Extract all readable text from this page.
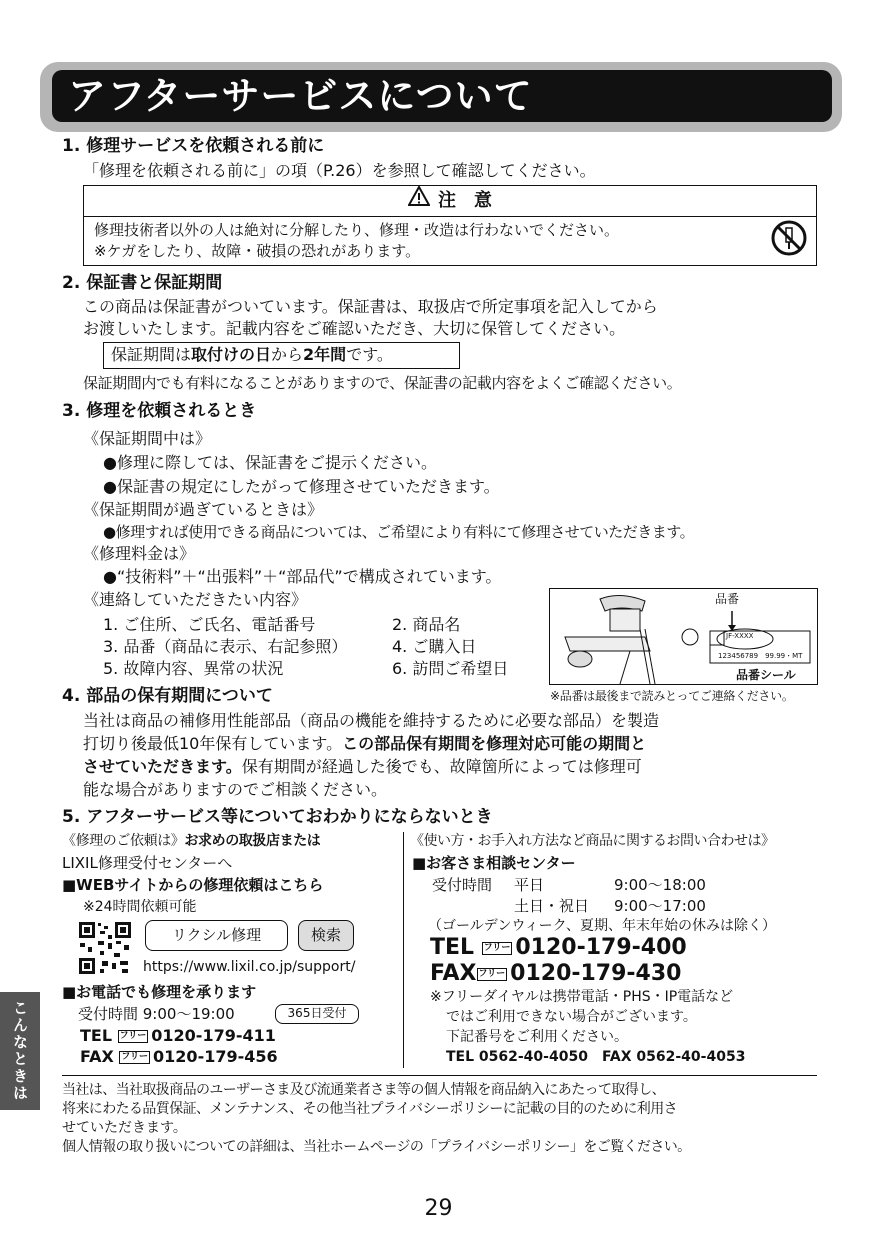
アフターサービスについて
1. 修理サービスを依頼される前に
「修理を依頼される前に」の項（P.26）を参照して確認してください。
注　意
修理技術者以外の人は絶対に分解したり、修理・改造は行わないでください。
※ケガをしたり、故障・破損の恐れがあります。
2. 保証書と保証期間
この商品は保証書がついています。保証書は、取扱店で所定事項を記入してから
お渡しいたします。記載内容をご確認いただき、大切に保管してください。
保証期間は取付けの日から2年間です。
保証期間内でも有料になることがありますので、保証書の記載内容をよくご確認ください。
3. 修理を依頼されるとき
《保証期間中は》
●修理に際しては、保証書をご提示ください。
●保証書の規定にしたがって修理させていただきます。
《保証期間が過ぎているときは》
●修理すれば使用できる商品については、ご希望により有料にて修理させていただきます。
《修理料金は》
●“技術料”＋“出張料”＋“部品代”で構成されています。
《連絡していただきたい内容》
1. ご住所、ご氏名、電話番号	2. 商品名
3. 品番（商品に表示、右記参照）	4. ご購入日
5. 故障内容、異常の状況	6. 訪問ご希望日
品番
JF-XXXX
123456789　99.99・MT
品番シール
※品番は最後まで読みとってご連絡ください。
4. 部品の保有期間について
当社は商品の補修用性能部品（商品の機能を維持するために必要な部品）を製造
打切り後最低10年保有しています。この部品保有期間を修理対応可能の期間と
させていただきます。保有期間が経過した後でも、故障箇所によっては修理可
能な場合がありますのでご相談ください。
5. アフターサービス等についておわかりにならないとき
《修理のご依頼は》お求めの取扱店または
LIXIL修理受付センターへ
■WEBサイトからの修理依頼はこちら
※24時間依頼可能
リクシル修理	検索
https://www.lixil.co.jp/support/
■お電話でも修理を承ります
受付時間 9:00〜19:00	365日受付
TEL フリー 0120-179-411
FAX フリー 0120-179-456
《使い方・お手入れ方法など商品に関するお問い合わせは》
■お客さま相談センター
受付時間 平日	9:00〜18:00
土日・祝日 9:00〜17:00
（ゴールデンウィーク、夏期、年末年始の休みは除く）
TEL フリー 0120-179-400
FAX フリー 0120-179-430
※フリーダイヤルは携帯電話・PHS・IP電話など
ではご利用できない場合がございます。
下記番号をご利用ください。
TEL 0562-40-4050　FAX 0562-40-4053
当社は、当社取扱商品のユーザーさま及び流通業者さま等の個人情報を商品納入にあたって取得し、
将来にわたる品質保証、メンテナンス、その他当社プライバシーポリシーに記載の目的のために利用さ
せていただきます。
個人情報の取り扱いについての詳細は、当社ホームページの「プライバシーポリシー」をご覧ください。
こんなときは
29
